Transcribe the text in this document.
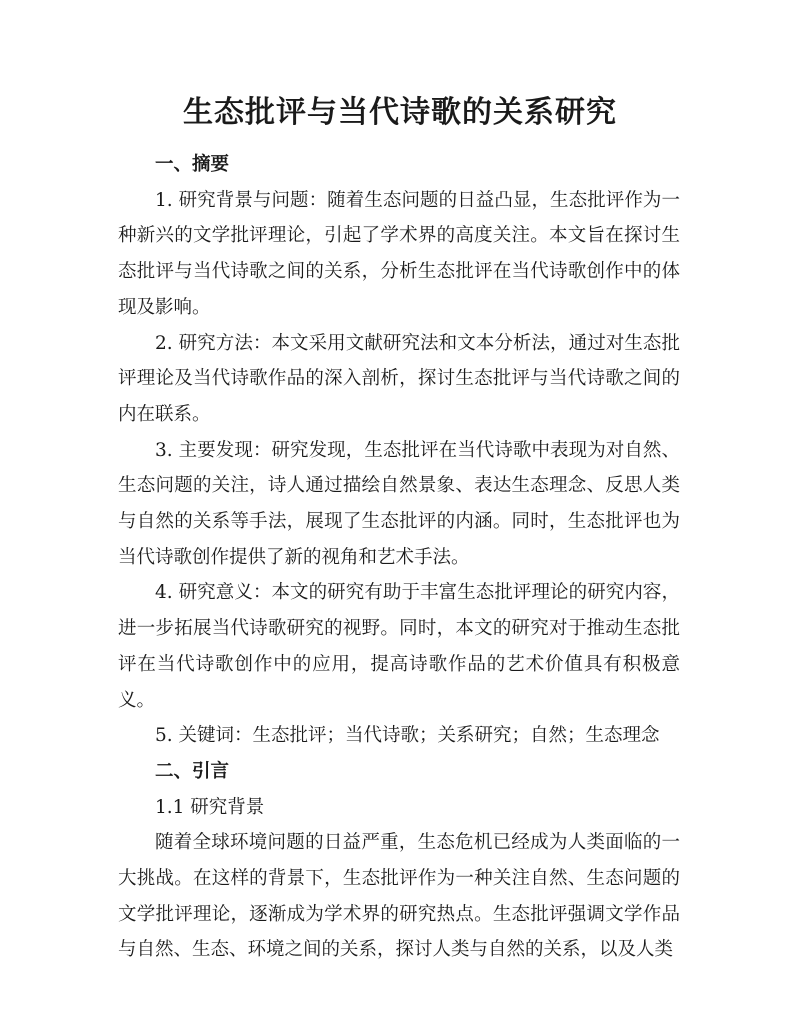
生态批评与当代诗歌的关系研究

一、摘要

1. 研究背景与问题：随着生态问题的日益凸显，生态批评作为一种新兴的文学批评理论，引起了学术界的高度关注。本文旨在探讨生态批评与当代诗歌之间的关系，分析生态批评在当代诗歌创作中的体现及影响。

2. 研究方法：本文采用文献研究法和文本分析法，通过对生态批评理论及当代诗歌作品的深入剖析，探讨生态批评与当代诗歌之间的内在联系。

3. 主要发现：研究发现，生态批评在当代诗歌中表现为对自然、生态问题的关注，诗人通过描绘自然景象、表达生态理念、反思人类与自然的关系等手法，展现了生态批评的内涵。同时，生态批评也为当代诗歌创作提供了新的视角和艺术手法。

4. 研究意义：本文的研究有助于丰富生态批评理论的研究内容，进一步拓展当代诗歌研究的视野。同时，本文的研究对于推动生态批评在当代诗歌创作中的应用，提高诗歌作品的艺术价值具有积极意义。

5. 关键词：生态批评；当代诗歌；关系研究；自然；生态理念

二、引言

1.1 研究背景

随着全球环境问题的日益严重，生态危机已经成为人类面临的一大挑战。在这样的背景下，生态批评作为一种关注自然、生态问题的文学批评理论，逐渐成为学术界的研究热点。生态批评强调文学作品与自然、生态、环境之间的关系，探讨人类与自然的关系，以及人类
